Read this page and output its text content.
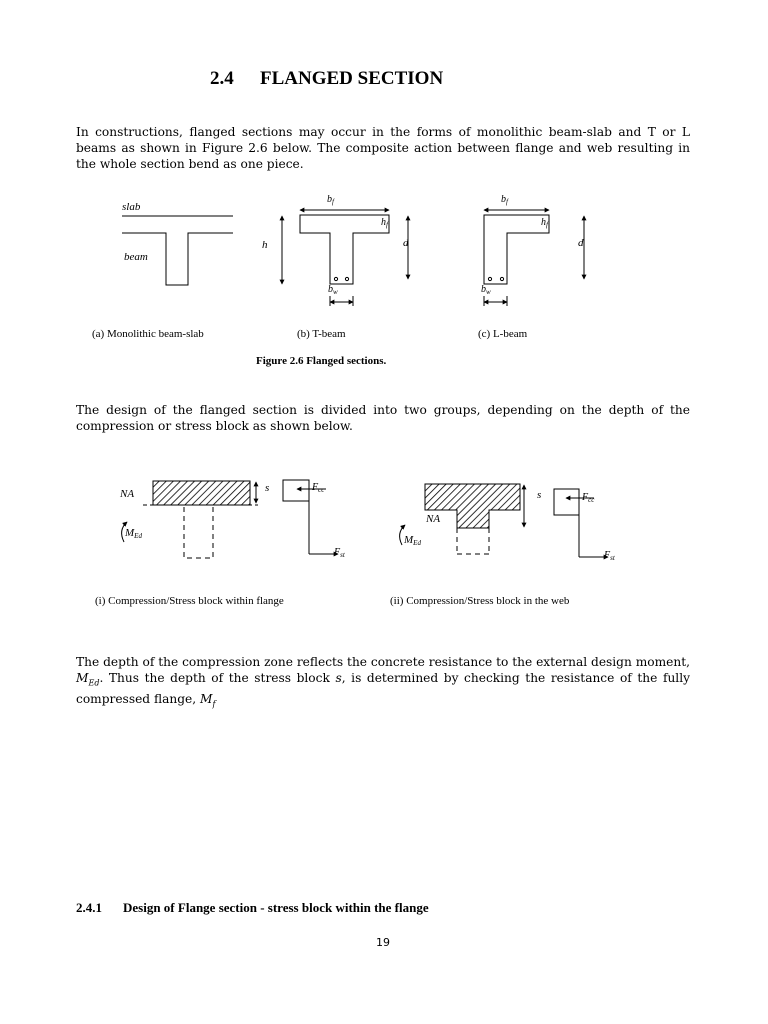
2.4 FLANGED SECTION
In constructions, flanged sections may occur in the forms of monolithic beam-slab and T or L beams as shown in Figure 2.6 below. The composite action between flange and web resulting in the whole section bend as one piece.
slab
beam
$b_f$
$h_f$
h	d
$b_w$
$b_f$
$h_f$
d
$b_w$
(a) Monolithic beam-slab	(b) T-beam	(c) L-beam
Figure 2.6 Flanged sections.
The design of the flanged section is divided into two groups, depending on the depth of the compression or stress block as shown below.
NA	s
MEd
$F_{cc}$
$F_{st}$
NA
s
MEd
$F_{cc}$
$F_{st}$
(i) Compression/Stress block within flange	(ii) Compression/Stress block in the web
The depth of the compression zone reflects the concrete resistance to the external design moment, $M_{Ed}$. Thus the depth of the stress block s, is determined by checking the resistance of the fully compressed flange, $M_f$
2.4.1 Design of Flange section - stress block within the flange
19
